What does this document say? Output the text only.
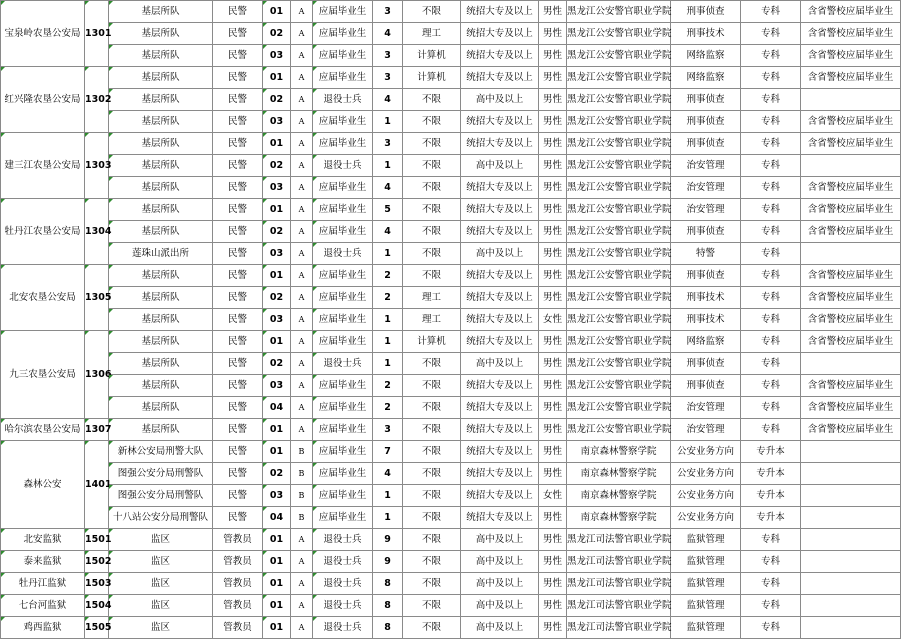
宝泉岭农垦公安局	1301	基层所队	民警	01	A	应届毕业生	3	不限	统招大专及以上	男性	黑龙江公安警官职业学院	刑事侦查	专科	含省警校应届毕业生
		基层所队	民警	02	A	应届毕业生	4	理工	统招大专及以上	男性	黑龙江公安警官职业学院	刑事技术	专科	含省警校应届毕业生
		基层所队	民警	03	A	应届毕业生	3	计算机	统招大专及以上	男性	黑龙江公安警官职业学院	网络监察	专科	含省警校应届毕业生
红兴隆农垦公安局	1302	基层所队	民警	01	A	应届毕业生	3	计算机	统招大专及以上	男性	黑龙江公安警官职业学院	网络监察	专科	含省警校应届毕业生
		基层所队	民警	02	A	退役士兵	4	不限	高中及以上	男性	黑龙江公安警官职业学院	刑事侦查	专科	
		基层所队	民警	03	A	应届毕业生	1	不限	统招大专及以上	男性	黑龙江公安警官职业学院	刑事侦查	专科	含省警校应届毕业生
建三江农垦公安局	1303	基层所队	民警	01	A	应届毕业生	3	不限	统招大专及以上	男性	黑龙江公安警官职业学院	刑事侦查	专科	含省警校应届毕业生
		基层所队	民警	02	A	退役士兵	1	不限	高中及以上	男性	黑龙江公安警官职业学院	治安管理	专科	
		基层所队	民警	03	A	应届毕业生	4	不限	统招大专及以上	男性	黑龙江公安警官职业学院	治安管理	专科	含省警校应届毕业生
牡丹江农垦公安局	1304	基层所队	民警	01	A	应届毕业生	5	不限	统招大专及以上	男性	黑龙江公安警官职业学院	治安管理	专科	含省警校应届毕业生
		基层所队	民警	02	A	应届毕业生	4	不限	统招大专及以上	男性	黑龙江公安警官职业学院	刑事侦查	专科	含省警校应届毕业生
		莲珠山派出所	民警	03	A	退役士兵	1	不限	高中及以上	男性	黑龙江公安警官职业学院	特警	专科	
北安农垦公安局	1305	基层所队	民警	01	A	应届毕业生	2	不限	统招大专及以上	男性	黑龙江公安警官职业学院	刑事侦查	专科	含省警校应届毕业生
		基层所队	民警	02	A	应届毕业生	2	理工	统招大专及以上	男性	黑龙江公安警官职业学院	刑事技术	专科	含省警校应届毕业生
		基层所队	民警	03	A	应届毕业生	1	理工	统招大专及以上	女性	黑龙江公安警官职业学院	刑事技术	专科	含省警校应届毕业生
九三农垦公安局	1306	基层所队	民警	01	A	应届毕业生	1	计算机	统招大专及以上	男性	黑龙江公安警官职业学院	网络监察	专科	含省警校应届毕业生
		基层所队	民警	02	A	退役士兵	1	不限	高中及以上	男性	黑龙江公安警官职业学院	刑事侦查	专科	
		基层所队	民警	03	A	应届毕业生	2	不限	统招大专及以上	男性	黑龙江公安警官职业学院	刑事侦查	专科	含省警校应届毕业生
		基层所队	民警	04	A	应届毕业生	2	不限	统招大专及以上	男性	黑龙江公安警官职业学院	治安管理	专科	含省警校应届毕业生
哈尔滨农垦公安局	1307	基层所队	民警	01	A	应届毕业生	3	不限	统招大专及以上	男性	黑龙江公安警官职业学院	治安管理	专科	含省警校应届毕业生
森林公安	1401	新林公安局刑警大队	民警	01	B	应届毕业生	7	不限	统招大专及以上	男性	南京森林警察学院	公安业务方向	专升本	
		图强公安分局刑警队	民警	02	B	应届毕业生	4	不限	统招大专及以上	男性	南京森林警察学院	公安业务方向	专升本	
		图强公安分局刑警队	民警	03	B	应届毕业生	1	不限	统招大专及以上	女性	南京森林警察学院	公安业务方向	专升本	
		十八站公安分局刑警队	民警	04	B	应届毕业生	1	不限	统招大专及以上	男性	南京森林警察学院	公安业务方向	专升本	
北安监狱	1501	监区	管教员	01	A	退役士兵	9	不限	高中及以上	男性	黑龙江司法警官职业学院	监狱管理	专科	
泰来监狱	1502	监区	管教员	01	A	退役士兵	9	不限	高中及以上	男性	黑龙江司法警官职业学院	监狱管理	专科	
牡丹江监狱	1503	监区	管教员	01	A	退役士兵	8	不限	高中及以上	男性	黑龙江司法警官职业学院	监狱管理	专科	
七台河监狱	1504	监区	管教员	01	A	退役士兵	8	不限	高中及以上	男性	黑龙江司法警官职业学院	监狱管理	专科	
鸡西监狱	1505	监区	管教员	01	A	退役士兵	8	不限	高中及以上	男性	黑龙江司法警官职业学院	监狱管理	专科	
